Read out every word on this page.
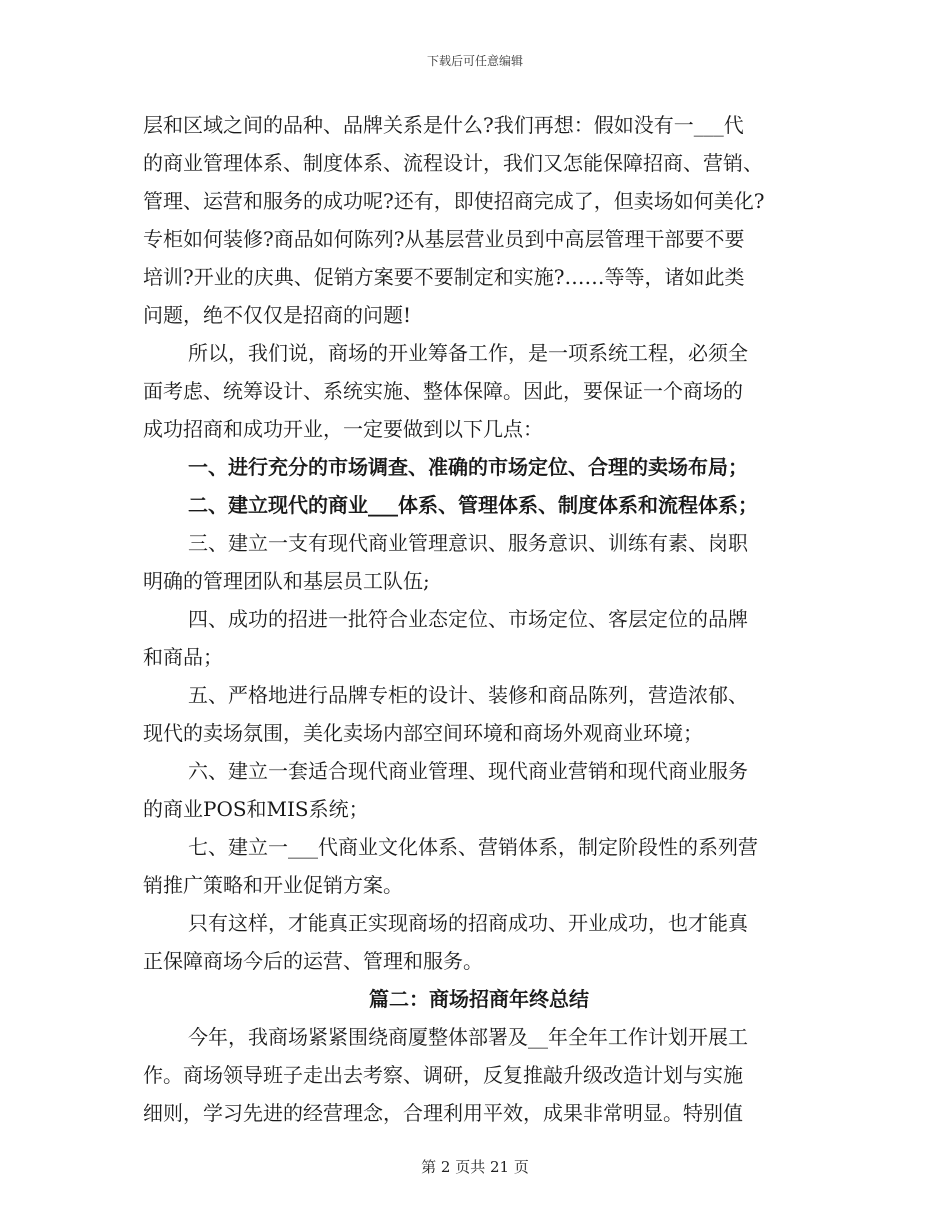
下载后可任意编辑
层和区域之间的品种、品牌关系是什么?我们再想：假如没有一___代
的商业管理体系、制度体系、流程设计，我们又怎能保障招商、营销、
管理、运营和服务的成功呢?还有，即使招商完成了，但卖场如何美化?
专柜如何装修?商品如何陈列?从基层营业员到中高层管理干部要不要
培训?开业的庆典、促销方案要不要制定和实施?……等等，诸如此类
问题，绝不仅仅是招商的问题!
所以，我们说，商场的开业筹备工作，是一项系统工程，必须全
面考虑、统筹设计、系统实施、整体保障。因此，要保证一个商场的
成功招商和成功开业，一定要做到以下几点：
一、进行充分的市场调查、准确的市场定位、合理的卖场布局；
二、建立现代的商业___体系、管理体系、制度体系和流程体系；
三、建立一支有现代商业管理意识、服务意识、训练有素、岗职
明确的管理团队和基层员工队伍;
四、成功的招进一批符合业态定位、市场定位、客层定位的品牌
和商品；
五、严格地进行品牌专柜的设计、装修和商品陈列，营造浓郁、
现代的卖场氛围，美化卖场内部空间环境和商场外观商业环境；
六、建立一套适合现代商业管理、现代商业营销和现代商业服务
的商业POS和MIS系统；
七、建立一___代商业文化体系、营销体系，制定阶段性的系列营
销推广策略和开业促销方案。
只有这样，才能真正实现商场的招商成功、开业成功，也才能真
正保障商场今后的运营、管理和服务。
篇二：商场招商年终总结
今年，我商场紧紧围绕商厦整体部署及__年全年工作计划开展工
作。商场领导班子走出去考察、调研，反复推敲升级改造计划与实施
细则，学习先进的经营理念，合理利用平效，成果非常明显。特别值
第 2 页共 21 页
